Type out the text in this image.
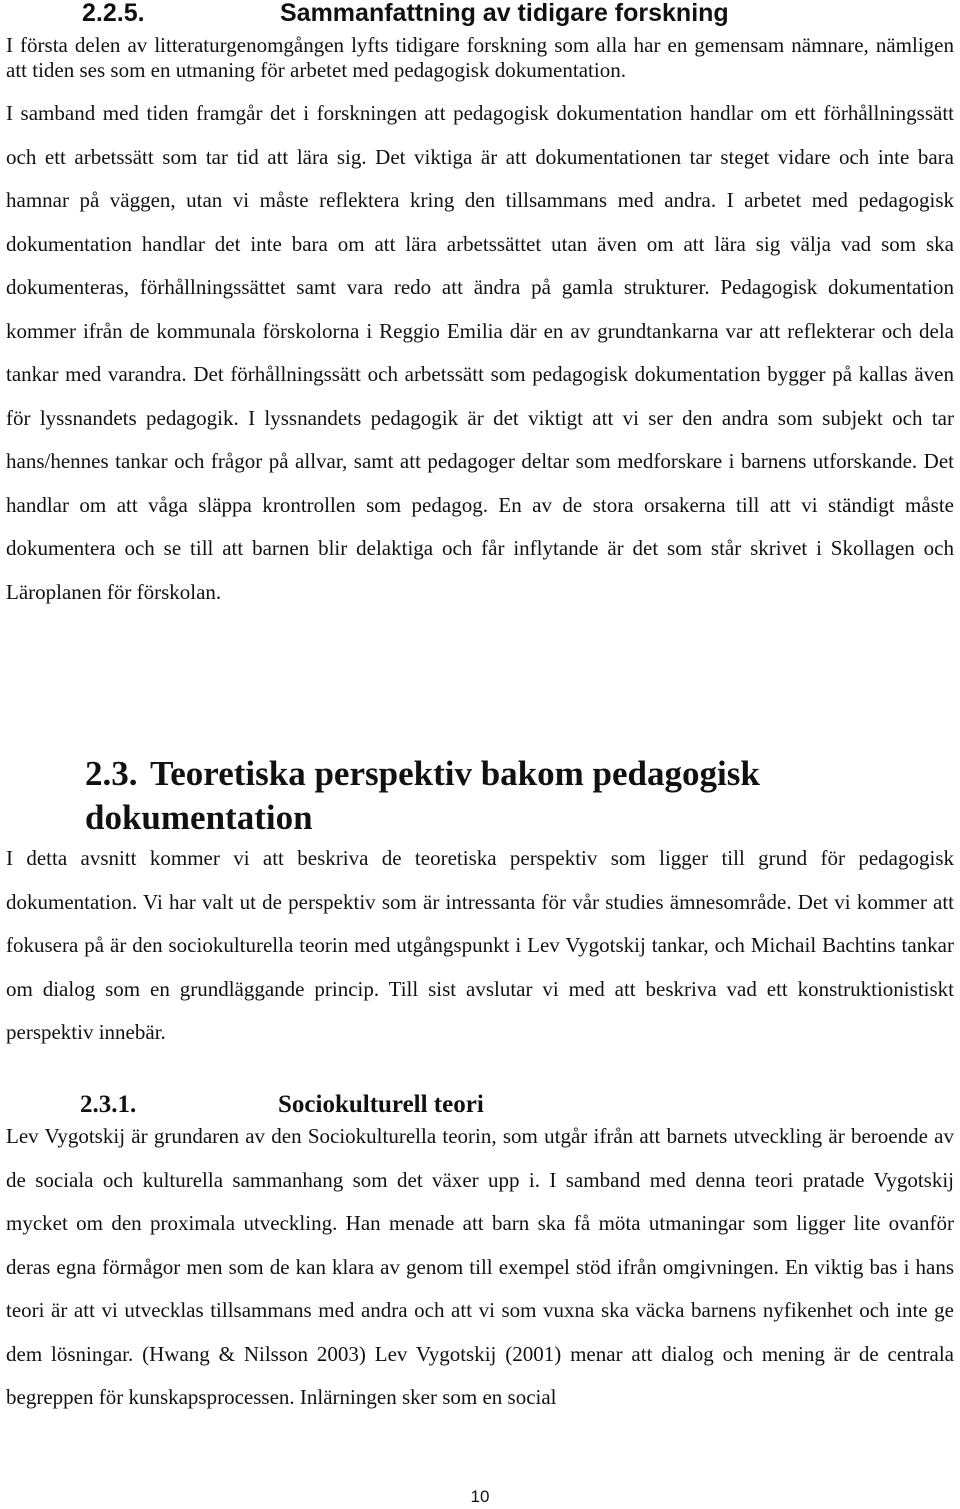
2.2.5.	Sammanfattning av tidigare forskning

I första delen av litteraturgenomgången lyfts tidigare forskning som alla har en gemensam nämnare, nämligen att tiden ses som en utmaning för arbetet med pedagogisk dokumentation.
I samband med tiden framgår det i forskningen att pedagogisk dokumentation handlar om ett förhållningssätt och ett arbetssätt som tar tid att lära sig. Det viktiga är att dokumentationen tar steget vidare och inte bara hamnar på väggen, utan vi måste reflektera kring den tillsammans med andra. I arbetet med pedagogisk dokumentation handlar det inte bara om att lära arbetssättet utan även om att lära sig välja vad som ska dokumenteras, förhållningssättet samt vara redo att ändra på gamla strukturer. Pedagogisk dokumentation kommer ifrån de kommunala förskolorna i Reggio Emilia där en av grundtankarna var att reflekterar och dela tankar med varandra. Det förhållningssätt och arbetssätt som pedagogisk dokumentation bygger på kallas även för lyssnandets pedagogik. I lyssnandets pedagogik är det viktigt att vi ser den andra som subjekt och tar hans/hennes tankar och frågor på allvar, samt att pedagoger deltar som medforskare i barnens utforskande. Det handlar om att våga släppa krontrollen som pedagog. En av de stora orsakerna till att vi ständigt måste dokumentera och se till att barnen blir delaktiga och får inflytande är det som står skrivet i Skollagen och Läroplanen för förskolan.

2.3. Teoretiska perspektiv bakom pedagogisk dokumentation

I detta avsnitt kommer vi att beskriva de teoretiska perspektiv som ligger till grund för pedagogisk dokumentation. Vi har valt ut de perspektiv som är intressanta för vår studies ämnesområde. Det vi kommer att fokusera på är den sociokulturella teorin med utgångspunkt i Lev Vygotskij tankar, och Michail Bachtins tankar om dialog som en grundläggande princip. Till sist avslutar vi med att beskriva vad ett konstruktionistiskt perspektiv innebär.

2.3.1.	Sociokulturell teori

Lev Vygotskij är grundaren av den Sociokulturella teorin, som utgår ifrån att barnets utveckling är beroende av de sociala och kulturella sammanhang som det växer upp i. I samband med denna teori pratade Vygotskij mycket om den proximala utveckling. Han menade att barn ska få möta utmaningar som ligger lite ovanför deras egna förmågor men som de kan klara av genom till exempel stöd ifrån omgivningen. En viktig bas i hans teori är att vi utvecklas tillsammans med andra och att vi som vuxna ska väcka barnens nyfikenhet och inte ge dem lösningar. (Hwang & Nilsson 2003) Lev Vygotskij (2001) menar att dialog och mening är de centrala begreppen för kunskapsprocessen. Inlärningen sker som en social

10
